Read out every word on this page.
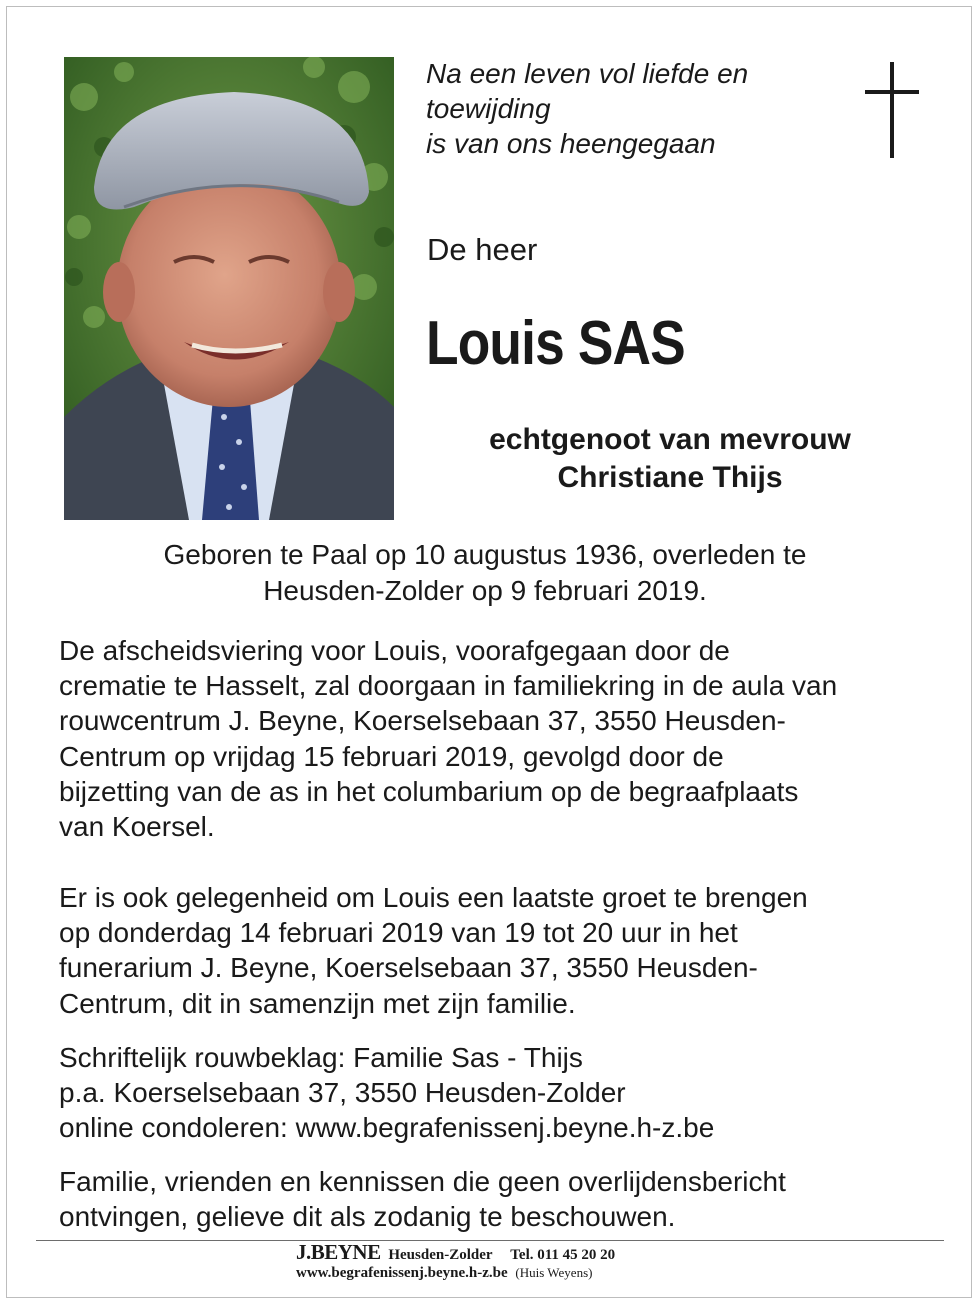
Na een leven vol liefde en
toewijding
is van ons heengegaan
De heer
Louis SAS
echtgenoot van mevrouw
Christiane Thijs
Geboren te Paal op 10 augustus 1936, overleden te
Heusden-Zolder op 9 februari 2019.
De afscheidsviering voor Louis, voorafgegaan door de
crematie te Hasselt, zal doorgaan in familiekring in de aula van
rouwcentrum J. Beyne, Koerselsebaan 37, 3550 Heusden-
Centrum op vrijdag 15 februari 2019, gevolgd door de
bijzetting van de as in het columbarium op de begraafplaats
van Koersel.
Er is ook gelegenheid om Louis een laatste groet te brengen
op donderdag 14 februari 2019 van 19 tot 20 uur in het
funerarium J. Beyne, Koerselsebaan 37, 3550 Heusden-
Centrum, dit in samenzijn met zijn familie.
Schriftelijk rouwbeklag: Familie Sas - Thijs
p.a. Koerselsebaan 37, 3550 Heusden-Zolder
online condoleren: www.begrafenissenj.beyne.h-z.be
Familie, vrienden en kennissen die geen overlijdensbericht
ontvingen, gelieve dit als zodanig te beschouwen.
J.BEYNE Heusden-Zolder Tel. 011 45 20 20
www.begrafenissenj.beyne.h-z.be (Huis Weyens)
